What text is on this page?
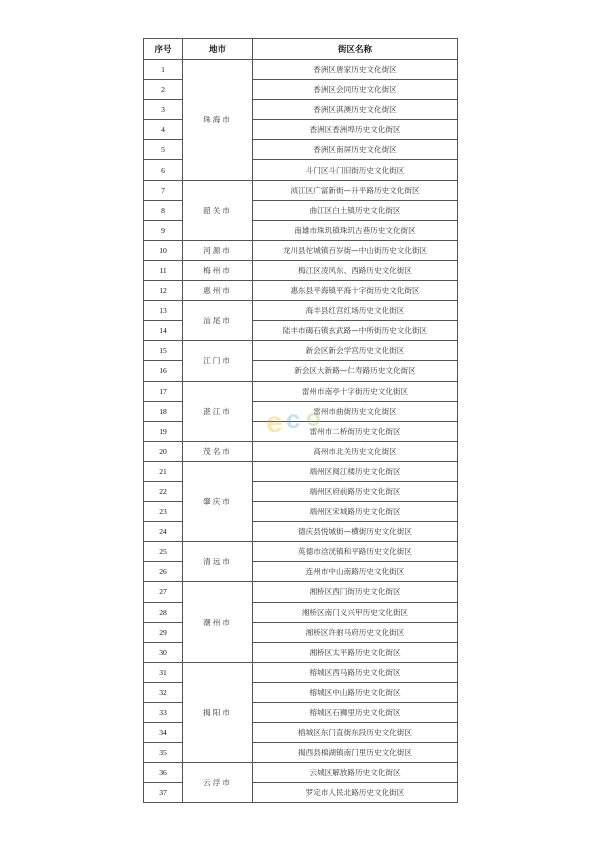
序号	地市	街区名称
1	珠海市	香洲区唐家历史文化街区
2		香洲区会同历史文化街区
3		香洲区淇澳历史文化街区
4		香洲区香洲埠历史文化街区
5		香洲区南屏历史文化街区
6		斗门区斗门旧街历史文化街区
7	韶关市	浈江区广富新街—升平路历史文化街区
8		曲江区白土镇历史文化街区
9		南雄市珠玑镇珠玑古巷历史文化街区
10	河源市	龙川县佗城镇百岁街—中山街历史文化街区
11	梅州市	梅江区凌风东、西路历史文化街区
12	惠州市	惠东县平海镇平海十字街历史文化街区
13	汕尾市	海丰县红宫红场历史文化街区
14		陆丰市碣石镇玄武路—中所街历史文化街区
15	江门市	新会区新会学宫历史文化街区
16		新会区大新路—仁寿路历史文化街区
17	湛江市	雷州市南亭十字街历史文化街区
18		雷州市曲街历史文化街区
19		雷州市二桥街历史文化街区
20	茂名市	高州市北关历史文化街区
21	肇庆市	端州区阅江楼历史文化街区
22		端州区府前路历史文化街区
23		端州区宋城路历史文化街区
24		德庆县悦城街—横街历史文化街区
25	清远市	英德市浛洸镇和平路历史文化街区
26		连州市中山南路历史文化街区
27	潮州市	湘桥区西门街历史文化街区
28		湘桥区南门义兴甲历史文化街区
29		湘桥区许驸马府历史文化街区
30		湘桥区太平路历史文化街区
31	揭阳市	榕城区西马路历史文化街区
32		榕城区中山路历史文化街区
33		榕城区石狮里历史文化街区
34		榕城区东门直街东段历史文化街区
35		揭西县棉湖镇南门里历史文化街区
36	云浮市	云城区解放路历史文化街区
37		罗定市人民北路历史文化街区
e c o
